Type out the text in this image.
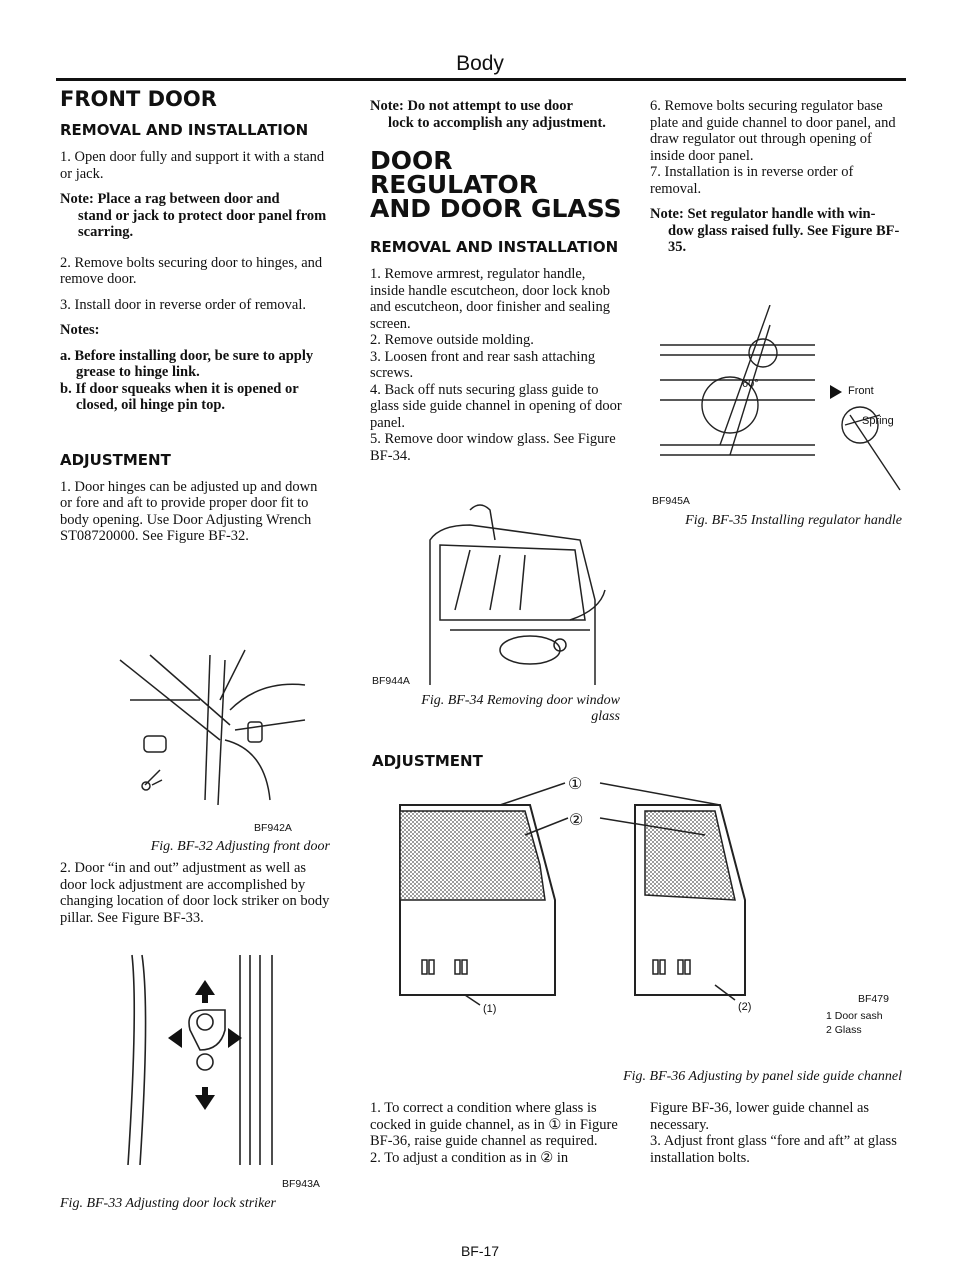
Body
FRONT DOOR
REMOVAL AND INSTALLATION

1. Open door fully and support it with a stand or jack.

Note: Place a rag between door and
stand or jack to protect door panel from scarring.

2. Remove bolts securing door to hinges, and remove door.

3. Install door in reverse order of removal.

Notes:
a. Before installing door, be sure to apply grease to hinge link.
b. If door squeaks when it is opened or closed, oil hinge pin top.
ADJUSTMENT

1. Door hinges can be adjusted up and down or fore and aft to provide proper door fit to body opening. Use Door Adjusting Wrench ST08720000. See Figure BF-32.

BF942A
Fig. BF-32 Adjusting front door

2. Door “in and out” adjustment as well as door lock adjustment are accomplished by changing location of door lock striker on body pillar. See Figure BF-33.

BF943A
Fig. BF-33 Adjusting door lock striker
Note: Do not attempt to use door
lock to accomplish any adjustment.
DOOR REGULATOR
AND DOOR GLASS
REMOVAL AND INSTALLATION

1. Remove armrest, regulator handle, inside handle escutcheon, door lock knob and escutcheon, door finisher and sealing screen.

2. Remove outside molding.

3. Loosen front and rear sash attaching screws.

4. Back off nuts securing glass guide to glass side guide channel in opening of door panel.

5. Remove door window glass. See Figure BF-34.

BF944A
Fig. BF-34 Removing door window
glass
ADJUSTMENT

6. Remove bolts securing regulator base plate and guide channel to door panel, and draw regulator out through opening of inside door panel.

7. Installation is in reverse order of removal.

Note: Set regulator handle with win-
dow glass raised fully. See Figure BF-35.
60°
Front
Spring
BF945A
Fig. BF-35 Installing regulator handle
①
②
(1)	(2)
BF479
1 Door sash
2 Glass
Fig. BF-36 Adjusting by panel side guide channel

1. To correct a condition where glass is cocked in guide channel, as in ① in Figure BF-36, raise guide channel as required.

2. To adjust a condition as in ② in

Figure BF-36, lower guide channel as necessary.

3. Adjust front glass “fore and aft” at glass installation bolts.

BF-17
